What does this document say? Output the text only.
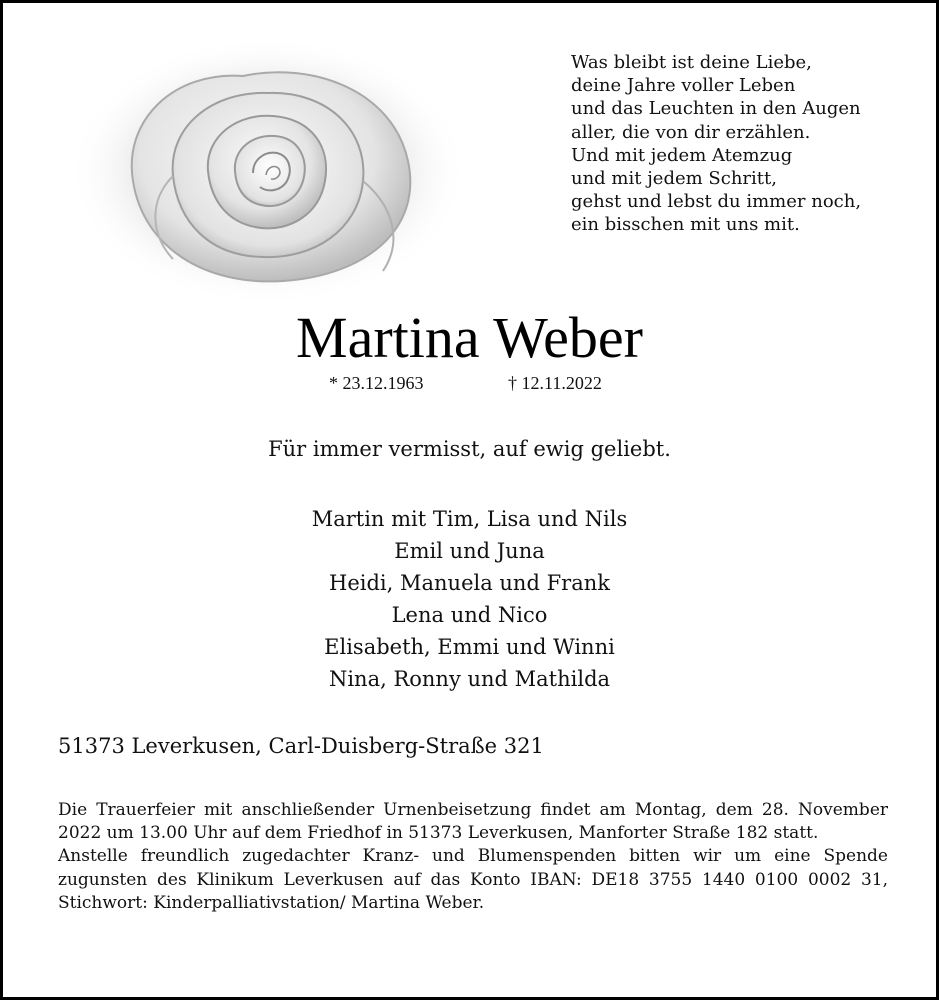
Was bleibt ist deine Liebe,
deine Jahre voller Leben
und das Leuchten in den Augen
aller, die von dir erzählen.
Und mit jedem Atemzug
und mit jedem Schritt,
gehst und lebst du immer noch,
ein bisschen mit uns mit.
Martina Weber
* 23.12.1963	† 12.11.2022
Für immer vermisst, auf ewig geliebt.
Martin mit Tim, Lisa und Nils
Emil und Juna
Heidi, Manuela und Frank
Lena und Nico
Elisabeth, Emmi und Winni
Nina, Ronny und Mathilda
51373 Leverkusen, Carl-Duisberg-Straße 321

Die Trauerfeier mit anschließender Urnenbeisetzung findet am Montag, dem 28. November 2022 um 13.00 Uhr auf dem Friedhof in 51373 Leverkusen, Manforter Straße 182 statt.

Anstelle freundlich zugedachter Kranz- und Blumenspenden bitten wir um eine Spende zugunsten des Klinikum Leverkusen auf das Konto IBAN: DE18 3755 1440 0100 0002 31, Stichwort: Kinderpalliativstation/ Martina Weber.
